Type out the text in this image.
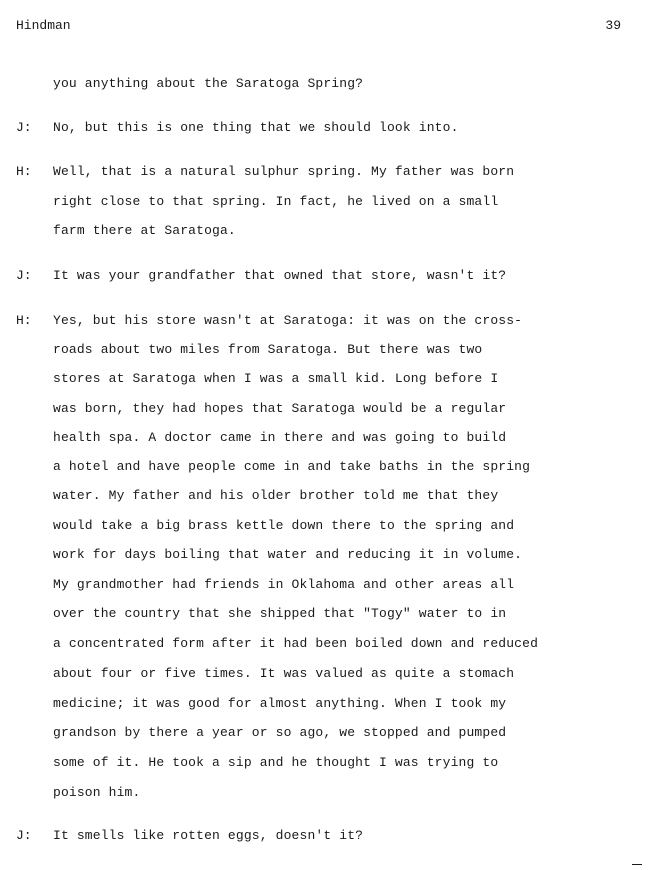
Hindman	39
you anything about the Saratoga Spring?
J: No, but this is one thing that we should look into.
H: Well, that is a natural sulphur spring. My father was born
right close to that spring. In fact, he lived on a small
farm there at Saratoga.
J: It was your grandfather that owned that store, wasn't it?
H: Yes, but his store wasn't at Saratoga: it was on the cross-
roads about two miles from Saratoga. But there was two
stores at Saratoga when I was a small kid. Long before I
was born, they had hopes that Saratoga would be a regular
health spa. A doctor came in there and was going to build
a hotel and have people come in and take baths in the spring
water. My father and his older brother told me that they
would take a big brass kettle down there to the spring and
work for days boiling that water and reducing it in volume.
My grandmother had friends in Oklahoma and other areas all
over the country that she shipped that "Togy" water to in
a concentrated form after it had been boiled down and reduced
about four or five times. It was valued as quite a stomach
medicine; it was good for almost anything. When I took my
grandson by there a year or so ago, we stopped and pumped
some of it. He took a sip and he thought I was trying to
poison him.
J: It smells like rotten eggs, doesn't it?
